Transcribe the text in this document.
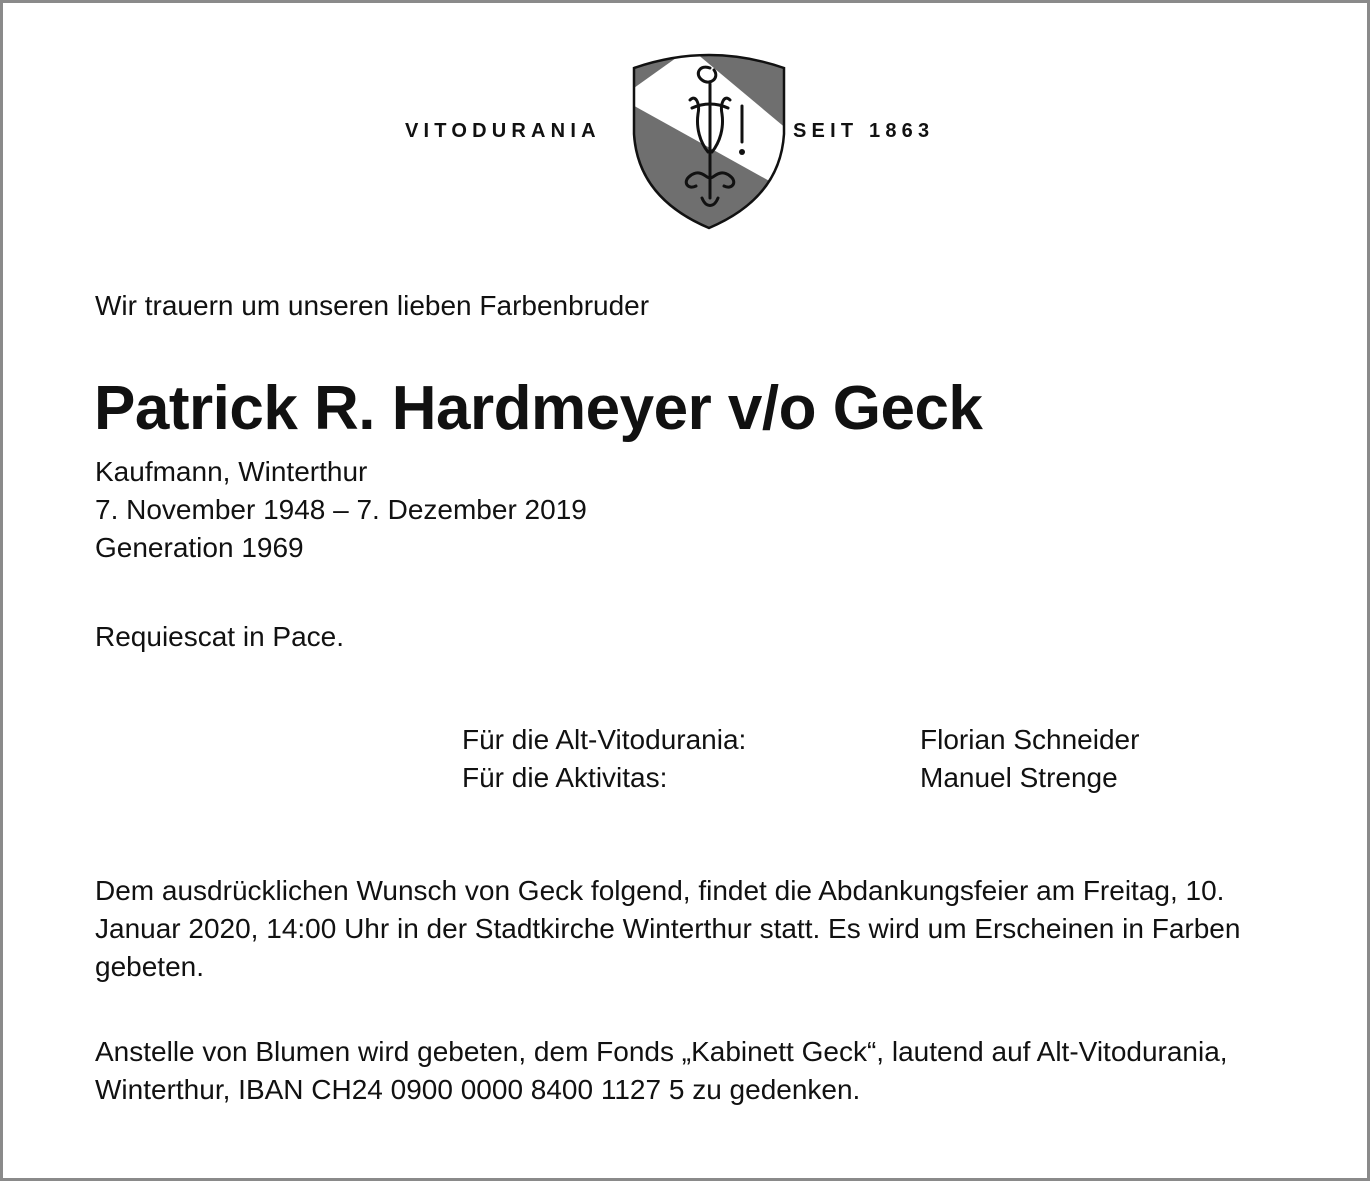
VITODURANIA	SEIT 1863
Wir trauern um unseren lieben Farbenbruder
Patrick R. Hardmeyer v/o Geck
Kaufmann, Winterthur
7. November 1948 – 7. Dezember 2019
Generation 1969
Requiescat in Pace.
Für die Alt-Vitodurania:	Florian Schneider
Für die Aktivitas:	Manuel Strenge
Dem ausdrücklichen Wunsch von Geck folgend, findet die Abdankungsfeier am Freitag, 10. Januar 2020, 14:00 Uhr in der Stadtkirche Winterthur statt. Es wird um Erscheinen in Farben gebeten.
Anstelle von Blumen wird gebeten, dem Fonds „Kabinett Geck“, lautend auf Alt-Vitodurania, Winterthur, IBAN CH24 0900 0000 8400 1127 5 zu gedenken.
